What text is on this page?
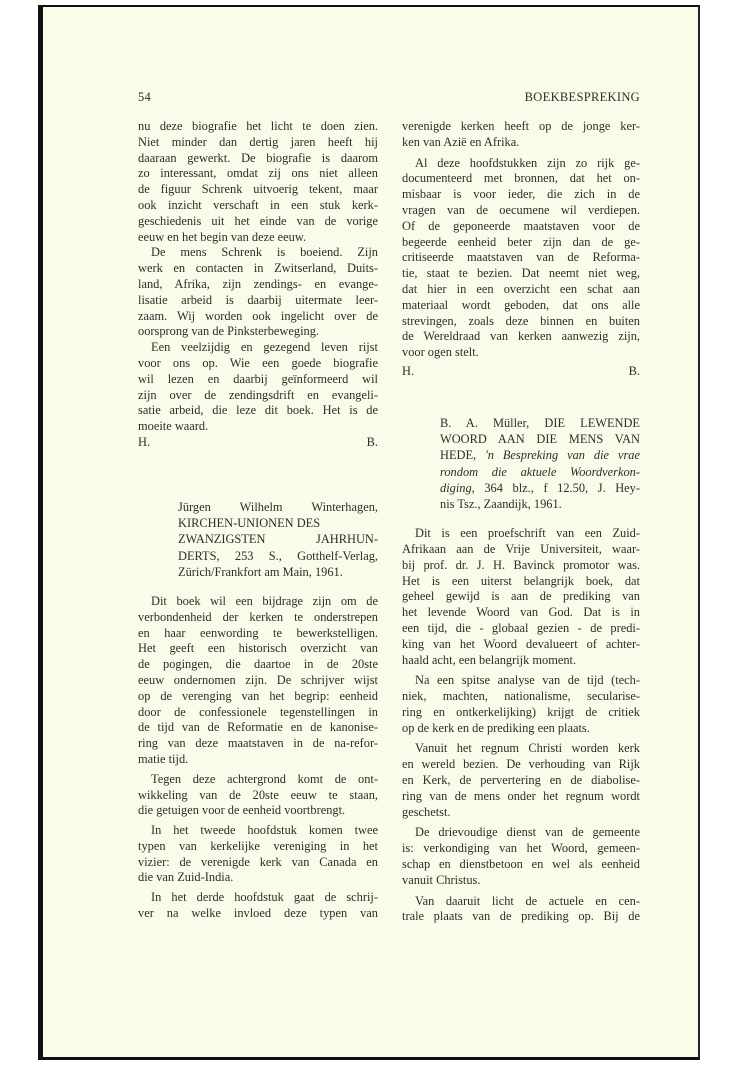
54	BOEKBESPREKING
nu deze biografie het licht te doen zien.
Niet minder dan dertig jaren heeft hij
daaraan gewerkt. De biografie is daarom
zo interessant, omdat zij ons niet alleen
de figuur Schrenk uitvoerig tekent, maar
ook inzicht verschaft in een stuk kerk-
geschiedenis uit het einde van de vorige
eeuw en het begin van deze eeuw.
De mens Schrenk is boeiend. Zijn
werk en contacten in Zwitserland, Duits-
land, Afrika, zijn zendings- en evange-
lisatie arbeid is daarbij uitermate leer-
zaam. Wij worden ook ingelicht over de
oorsprong van de Pinksterbeweging.
Een veelzijdig en gezegend leven rijst
voor ons op. Wie een goede biografie
wil lezen en daarbij geïnformeerd wil
zijn over de zendingsdrift en evangeli-
satie arbeid, die leze dit boek. Het is de
moeite waard.
H.	B.
Jürgen Wilhelm Winterhagen,
KIRCHEN-UNIONEN DES
ZWANZIGSTEN JAHRHUN-
DERTS, 253 S., Gotthelf-Verlag,
Zürich/Frankfort am Main, 1961.
Dit boek wil een bijdrage zijn om de
verbondenheid der kerken te onderstrepen
en haar eenwording te bewerkstelligen.
Het geeft een historisch overzicht van
de pogingen, die daartoe in de 20ste
eeuw ondernomen zijn. De schrijver wijst
op de verenging van het begrip: eenheid
door de confessionele tegenstellingen in
de tijd van de Reformatie en de kanonise-
ring van deze maatstaven in de na-refor-
matie tijd.
Tegen deze achtergrond komt de ont-
wikkeling van de 20ste eeuw te staan,
die getuigen voor de eenheid voortbrengt.
In het tweede hoofdstuk komen twee
typen van kerkelijke vereniging in het
vizier: de verenigde kerk van Canada en
die van Zuid-India.
In het derde hoofdstuk gaat de schrij-
ver na welke invloed deze typen van
verenigde kerken heeft op de jonge ker-
ken van Azië en Afrika.
Al deze hoofdstukken zijn zo rijk ge-
documenteerd met bronnen, dat het on-
misbaar is voor ieder, die zich in de
vragen van de oecumene wil verdiepen.
Of de geponeerde maatstaven voor de
begeerde eenheid beter zijn dan de ge-
critiseerde maatstaven van de Reforma-
tie, staat te bezien. Dat neemt niet weg,
dat hier in een overzicht een schat aan
materiaal wordt geboden, dat ons alle
strevingen, zoals deze binnen en buiten
de Wereldraad van kerken aanwezig zijn,
voor ogen stelt.
H.	B.
B. A. Müller, DIE LEWENDE
WOORD AAN DIE MENS VAN
HEDE, 'n Bespreking van die vrae
rondom die aktuele Woordverkon-
diging, 364 blz., f 12.50, J. Hey-
nis Tsz., Zaandijk, 1961.
Dit is een proefschrift van een Zuid-
Afrikaan aan de Vrije Universiteit, waar-
bij prof. dr. J. H. Bavinck promotor was.
Het is een uiterst belangrijk boek, dat
geheel gewijd is aan de prediking van
het levende Woord van God. Dat is in
een tijd, die - globaal gezien - de predi-
king van het Woord devalueert of achter-
haald acht, een belangrijk moment.
Na een spitse analyse van de tijd (tech-
niek, machten, nationalisme, secularise-
ring en ontkerkelijking) krijgt de critiek
op de kerk en de prediking een plaats.
Vanuit het regnum Christi worden kerk
en wereld bezien. De verhouding van Rijk
en Kerk, de pervertering en de diabolise-
ring van de mens onder het regnum wordt
geschetst.
De drievoudige dienst van de gemeente
is: verkondiging van het Woord, gemeen-
schap en dienstbetoon en wel als eenheid
vanuit Christus.
Van daaruit licht de actuele en cen-
trale plaats van de prediking op. Bij de
